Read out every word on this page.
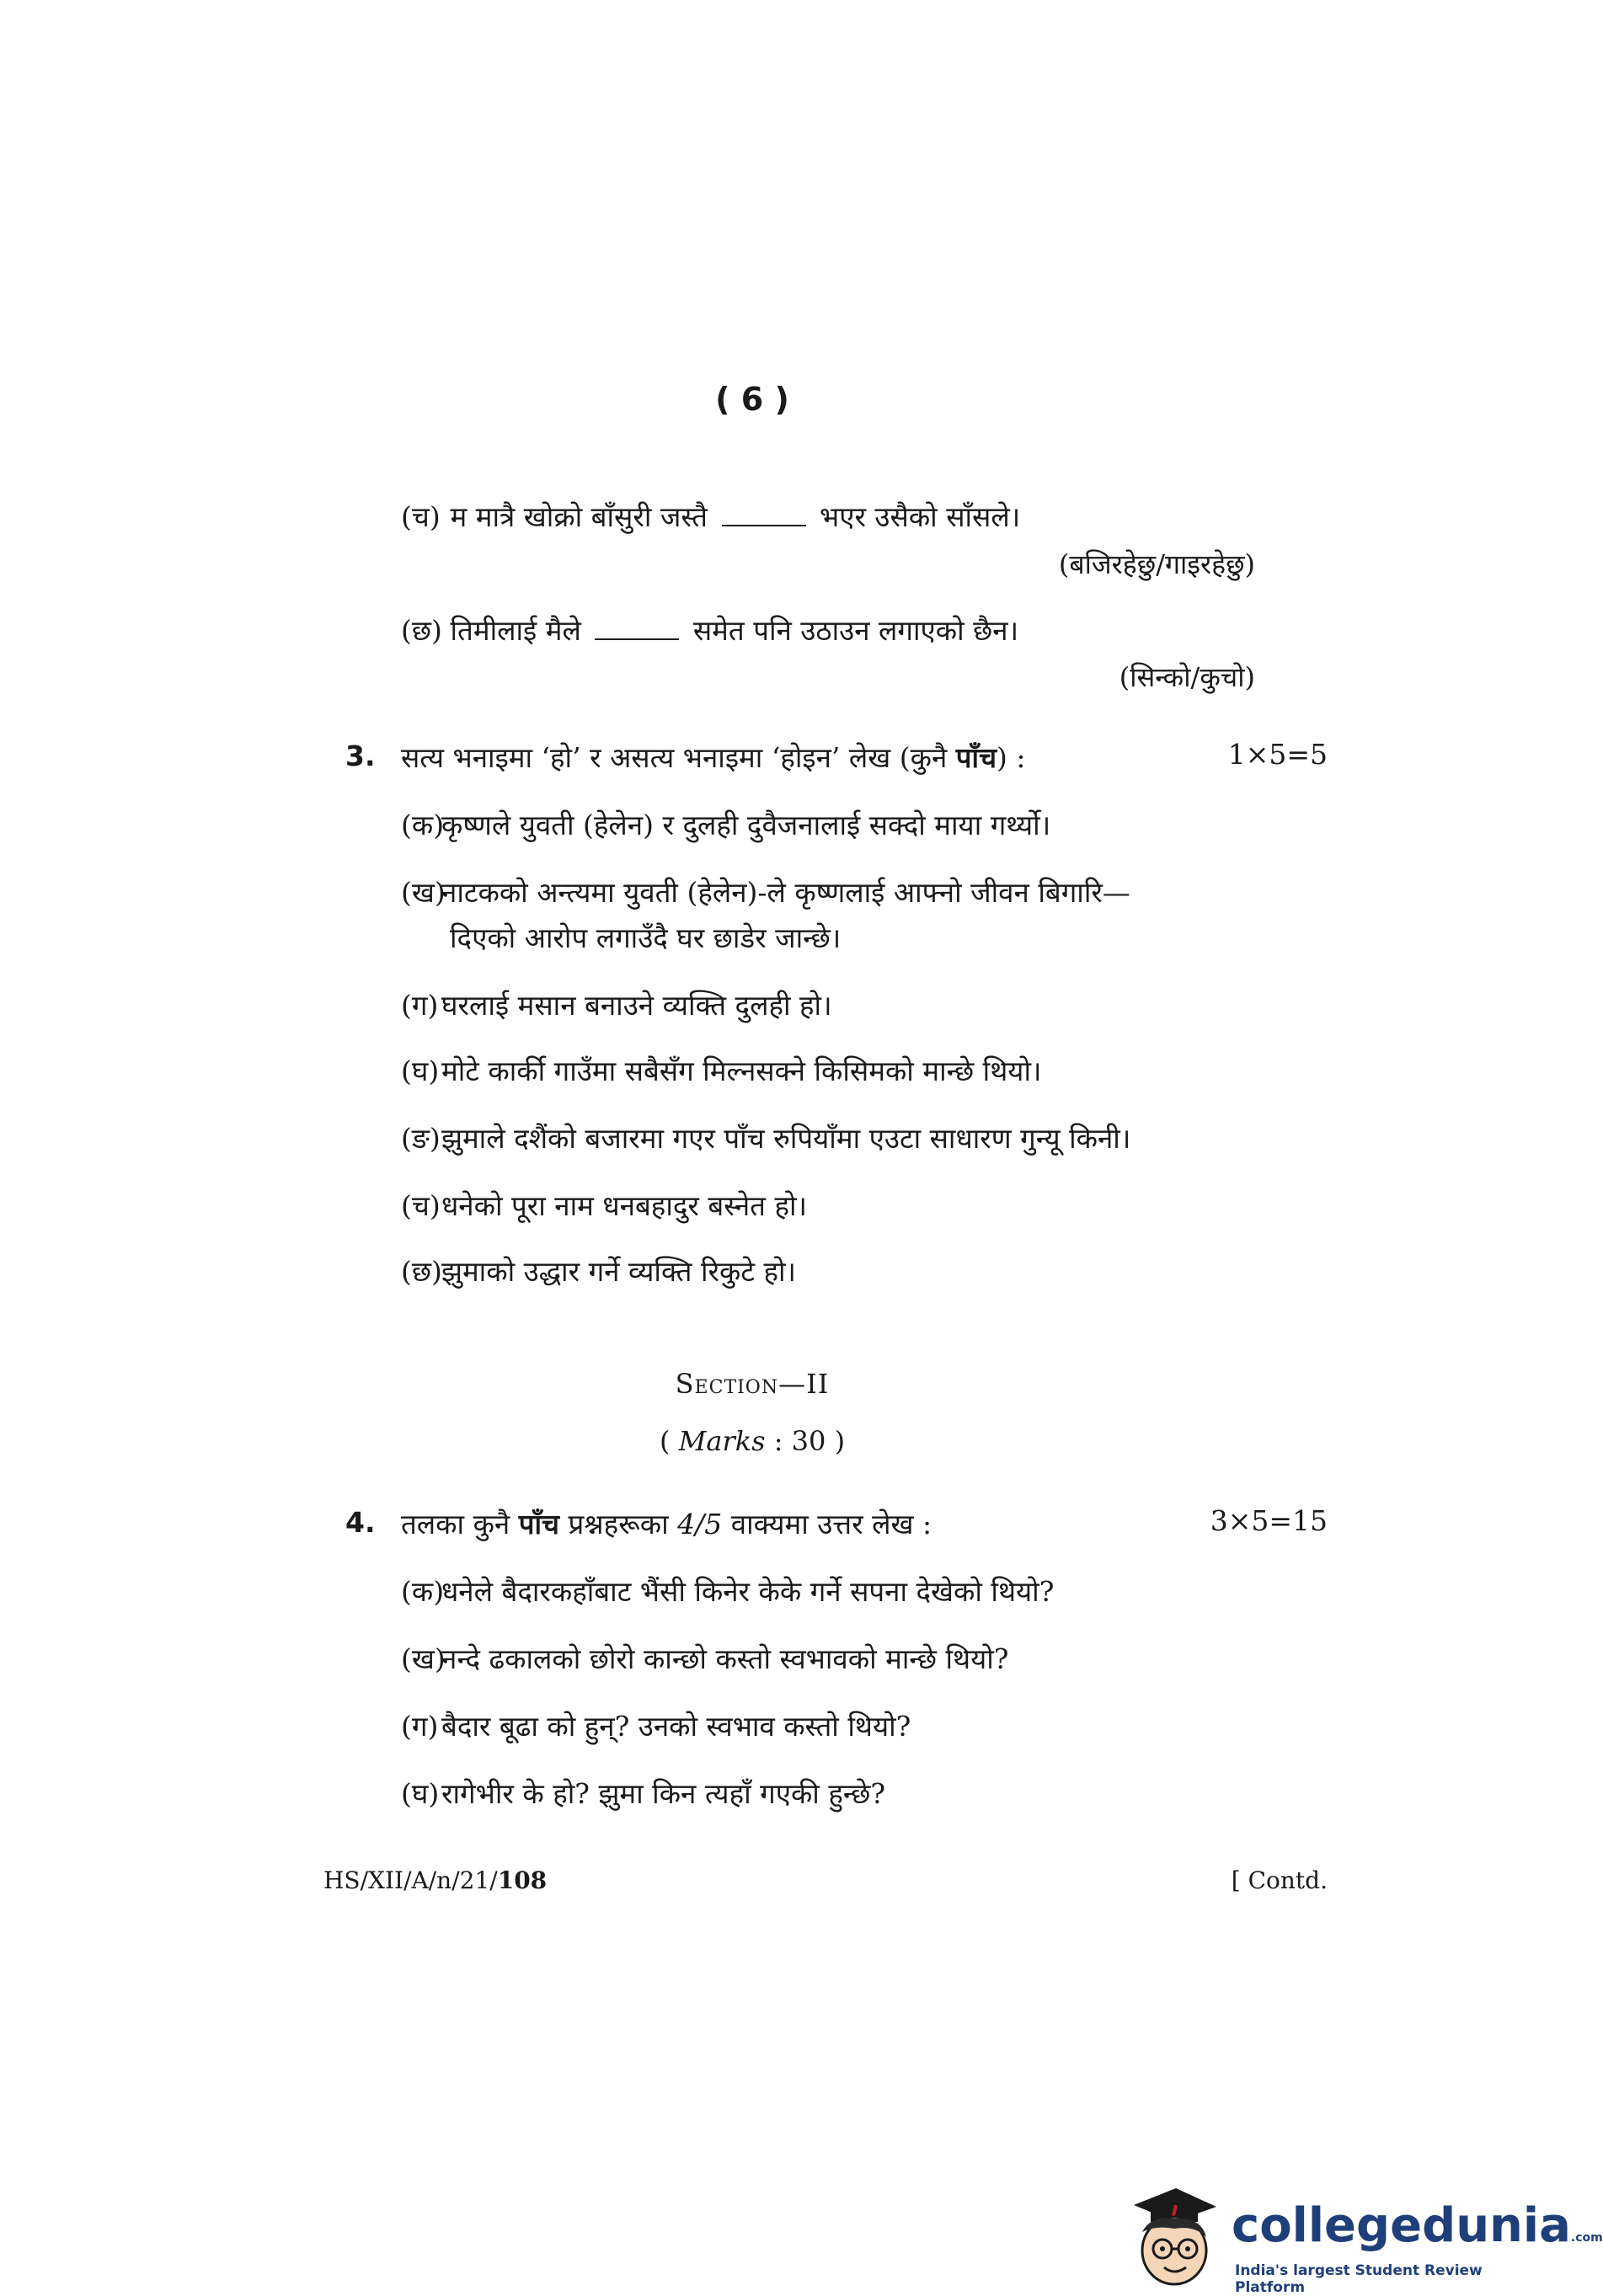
( 6 )
(च) म मात्रै खोक्रो बाँसुरी जस्तै	भएर उसैको साँसले।
(बजिरहेछु/गाइरहेछु)
(छ) तिमीलाई मैले	समेत पनि उठाउन लगाएको छैन।
(सिन्को/कुचो)
3. सत्य भनाइमा ‘हो’ र असत्य भनाइमा ‘होइन’ लेख (कुनै पाँच) :	1×5=5
(क)कृष्णले युवती (हेलेन) र दुलही दुवैजनालाई सक्दो माया गर्थ्यो।
(ख)नाटकको अन्त्यमा युवती (हेलेन)-ले कृष्णलाई आफ्नो जीवन बिगारि—
दिएको आरोप लगाउँदै घर छाडेर जान्छे।
(ग) घरलाई मसान बनाउने व्यक्ति दुलही हो।
(घ)मोटे कार्की गाउँमा सबैसँग मिल्नसक्ने किसिमको मान्छे थियो।
(ङ)झुमाले दशैंको बजारमा गएर पाँच रुपियाँमा एउटा साधारण गुन्यू किनी।
(च)धनेको पूरा नाम धनबहादुर बस्नेत हो।
(छ)झुमाको उद्धार गर्ने व्यक्ति रिकुटे हो।
Section—II
( Marks : 30 )
4. तलका कुनै पाँच प्रश्नहरूका 4/5 वाक्यमा उत्तर लेख :	3×5=15
(क)धनेले बैदारकहाँबाट भैंसी किनेर केके गर्ने सपना देखेको थियो?
(ख)नन्दे ढकालको छोरो कान्छो कस्तो स्वभावको मान्छे थियो?
(ग) बैदार बूढा को हुन्? उनको स्वभाव कस्तो थियो?
(घ)रागेभीर के हो? झुमा किन त्यहाँ गएकी हुन्छे?
HS/XII/A/n/21/108	[ Contd.
collegedunia.com
India's largest Student Review Platform
